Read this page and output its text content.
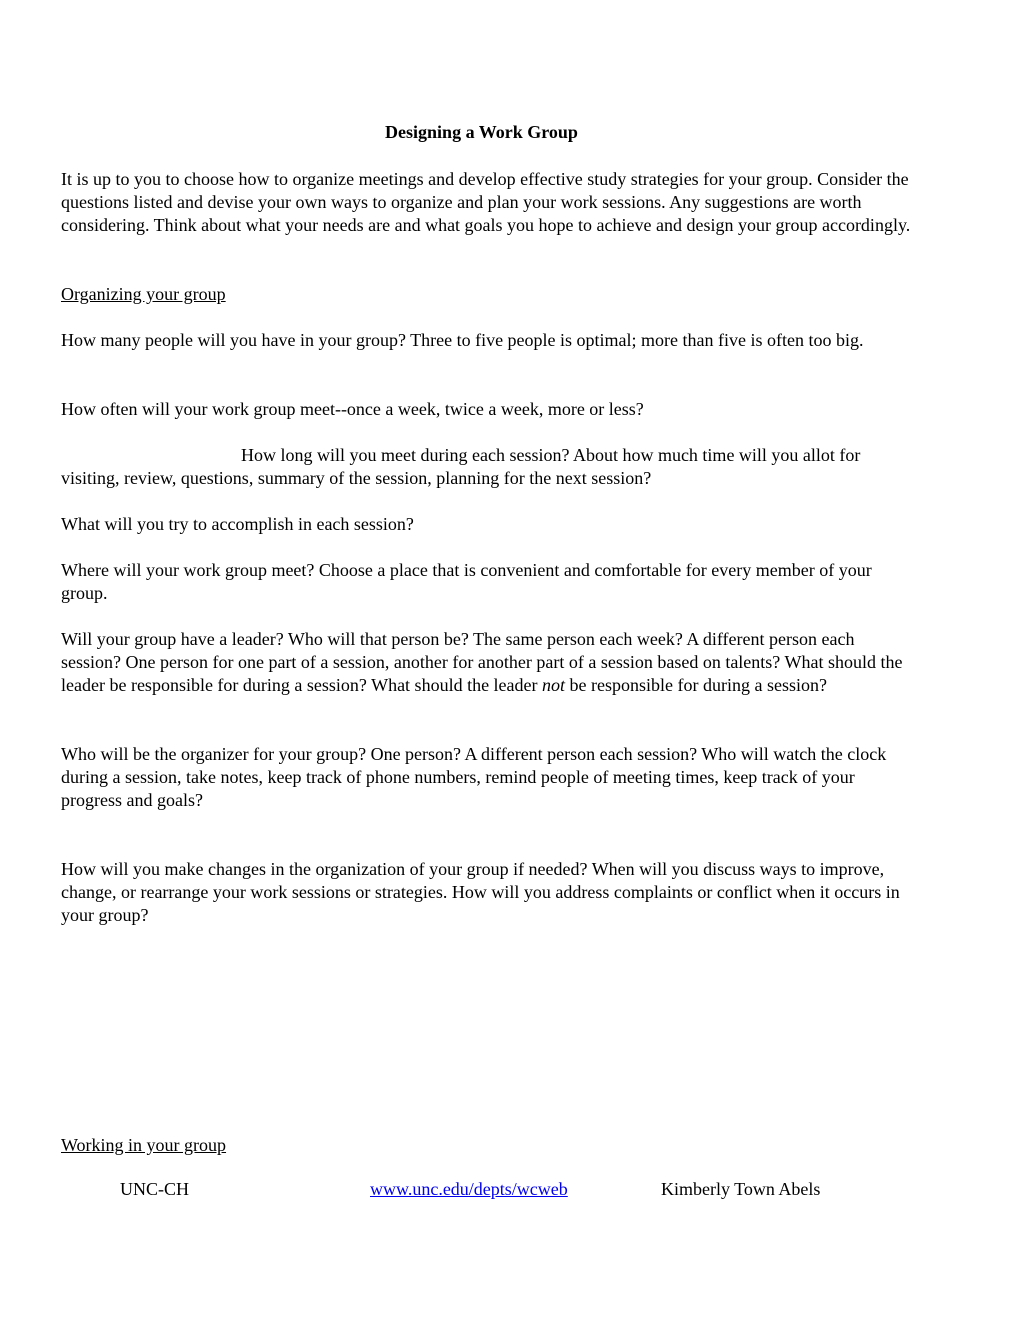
Designing a Work Group

It is up to you to choose how to organize meetings and develop effective study strategies for your group. Consider the questions listed and devise your own ways to organize and plan your work sessions. Any suggestions are worth considering. Think about what your needs are and what goals you hope to achieve and design your group accordingly.

Organizing your group

How many people will you have in your group? Three to five people is optimal; more than five is often too big.

How often will your work group meet--once a week, twice a week, more or less?

How long will you meet during each session? About how much time will you allot for visiting, review, questions, summary of the session, planning for the next session?

What will you try to accomplish in each session?

Where will your work group meet? Choose a place that is convenient and comfortable for every member of your group.

Will your group have a leader? Who will that person be? The same person each week? A different person each session? One person for one part of a session, another for another part of a session based on talents? What should the leader be responsible for during a session? What should the leader not be responsible for during a session?

Who will be the organizer for your group? One person? A different person each session? Who will watch the clock during a session, take notes, keep track of phone numbers, remind people of meeting times, keep track of your progress and goals?

How will you make changes in the organization of your group if needed? When will you discuss ways to improve, change, or rearrange your work sessions or strategies. How will you address complaints or conflict when it occurs in your group?

Working in your group

UNC-CH	www.unc.edu/depts/wcweb	Kimberly Town Abels
